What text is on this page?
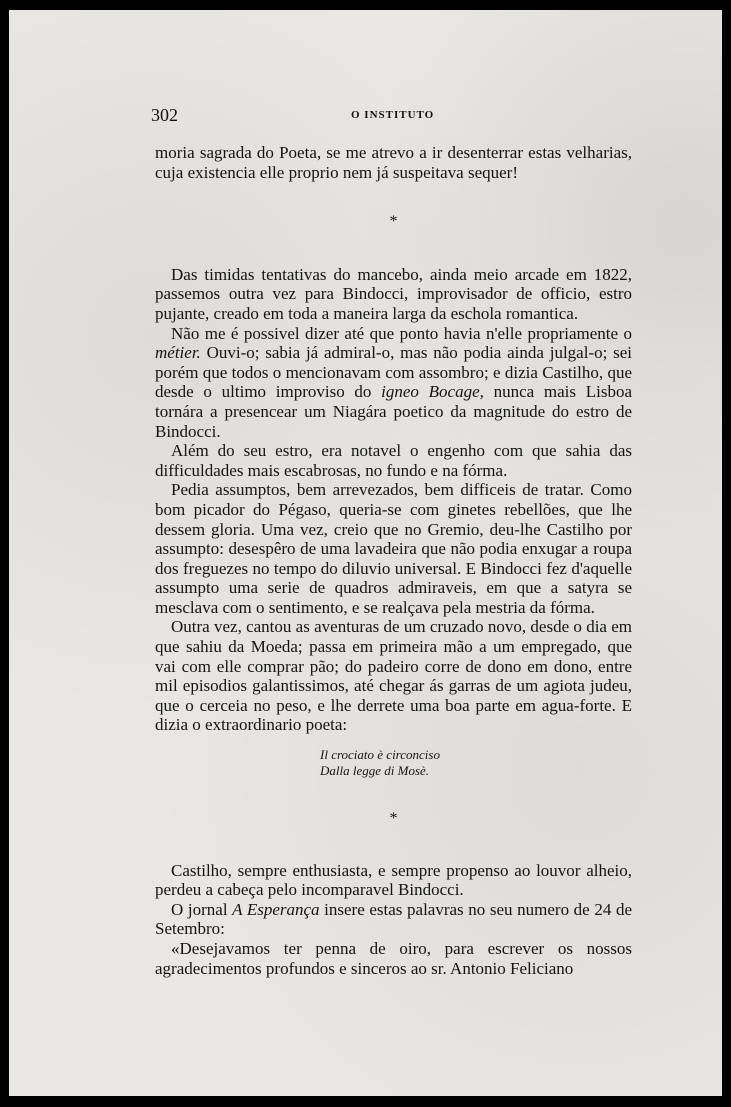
302	O INSTITUTO

moria sagrada do Poeta, se me atrevo a ir desenterrar estas velharias, cuja existencia elle proprio nem já suspeitava sequer!

*

Das timidas tentativas do mancebo, ainda meio arcade em 1822, passemos outra vez para Bindocci, improvisador de officio, estro pujante, creado em toda a maneira larga da eschola romantica.

Não me é possivel dizer até que ponto havia n'elle propriamente o métier. Ouvi-o; sabia já admiral-o, mas não podia ainda julgal-o; sei porém que todos o mencionavam com assombro; e dizia Castilho, que desde o ultimo improviso do igneo Bocage, nunca mais Lisboa tornára a presencear um Niagára poetico da magnitude do estro de Bindocci.

Além do seu estro, era notavel o engenho com que sahia das difficuldades mais escabrosas, no fundo e na fórma.

Pedia assumptos, bem arrevezados, bem difficeis de tratar. Como bom picador do Pégaso, queria-se com ginetes rebellões, que lhe dessem gloria. Uma vez, creio que no Gremio, deu-lhe Castilho por assumpto: desespêro de uma lavadeira que não podia enxugar a roupa dos freguezes no tempo do diluvio universal. E Bindocci fez d'aquelle assumpto uma serie de quadros admiraveis, em que a satyra se mesclava com o sentimento, e se realçava pela mestria da fórma.

Outra vez, cantou as aventuras de um cruzado novo, desde o dia em que sahiu da Moeda; passa em primeira mão a um empregado, que vai com elle comprar pão; do padeiro corre de dono em dono, entre mil episodios galantissimos, até chegar ás garras de um agiota judeu, que o cerceia no peso, e lhe derrete uma boa parte em agua-forte. E dizia o extraordinario poeta:

Il crociato è circonciso
Dalla legge di Mosè.
*

Castilho, sempre enthusiasta, e sempre propenso ao louvor alheio, perdeu a cabeça pelo incomparavel Bindocci.

O jornal A Esperança insere estas palavras no seu numero de 24 de Setembro:

«Desejavamos ter penna de oiro, para escrever os nossos agradecimentos profundos e sinceros ao sr. Antonio Feliciano
